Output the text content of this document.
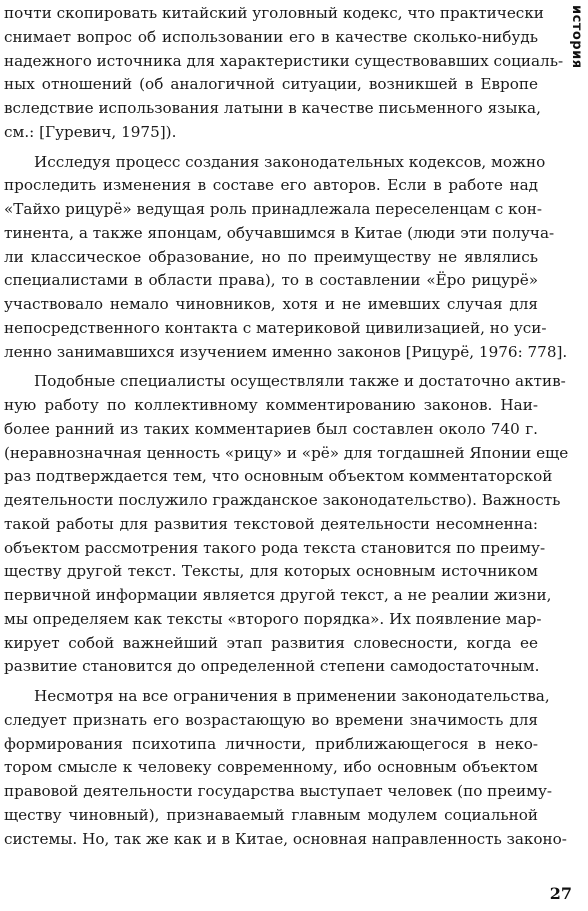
история
почти скопировать китайский уголовный кодекс, что практически
снимает вопрос об использовании его в качестве сколько-нибудь
надежного источника для характеристики существовавших социаль-
ных отношений (об аналогичной ситуации, возникшей в Европе
вследствие использования латыни в качестве письменного языка,
см.: [Гуревич, 1975]).
Исследуя процесс создания законодательных кодексов, можно
проследить изменения в составе его авторов. Если в работе над
«Тайхо рицурё» ведущая роль принадлежала переселенцам с кон-
тинента, а также японцам, обучавшимся в Китае (люди эти получа-
ли классическое образование, но по преимуществу не являлись
специалистами в области права), то в составлении «Ёро рицурё»
участвовало немало чиновников, хотя и не имевших случая для
непосредственного контакта с материковой цивилизацией, но уси-
ленно занимавшихся изучением именно законов [Рицурё, 1976: 778].
Подобные специалисты осуществляли также и достаточно актив-
ную работу по коллективному комментированию законов. Наи-
более ранний из таких комментариев был составлен около 740 г.
(неравнозначная ценность «рицу» и «рё» для тогдашней Японии еще
раз подтверждается тем, что основным объектом комментаторской
деятельности послужило гражданское законодательство). Важность
такой работы для развития текстовой деятельности несомненна:
объектом рассмотрения такого рода текста становится по преиму-
ществу другой текст. Тексты, для которых основным источником
первичной информации является другой текст, а не реалии жизни,
мы определяем как тексты «второго порядка». Их появление мар-
кирует собой важнейший этап развития словесности, когда ее
развитие становится до определенной степени самодостаточным.
Несмотря на все ограничения в применении законодательства,
следует признать его возрастающую во времени значимость для
формирования психотипа личности, приближающегося в неко-
тором смысле к человеку современному, ибо основным объектом
правовой деятельности государства выступает человек (по преиму-
ществу чиновный), признаваемый главным модулем социальной
системы. Но, так же как и в Китае, основная направленность законо-
27
